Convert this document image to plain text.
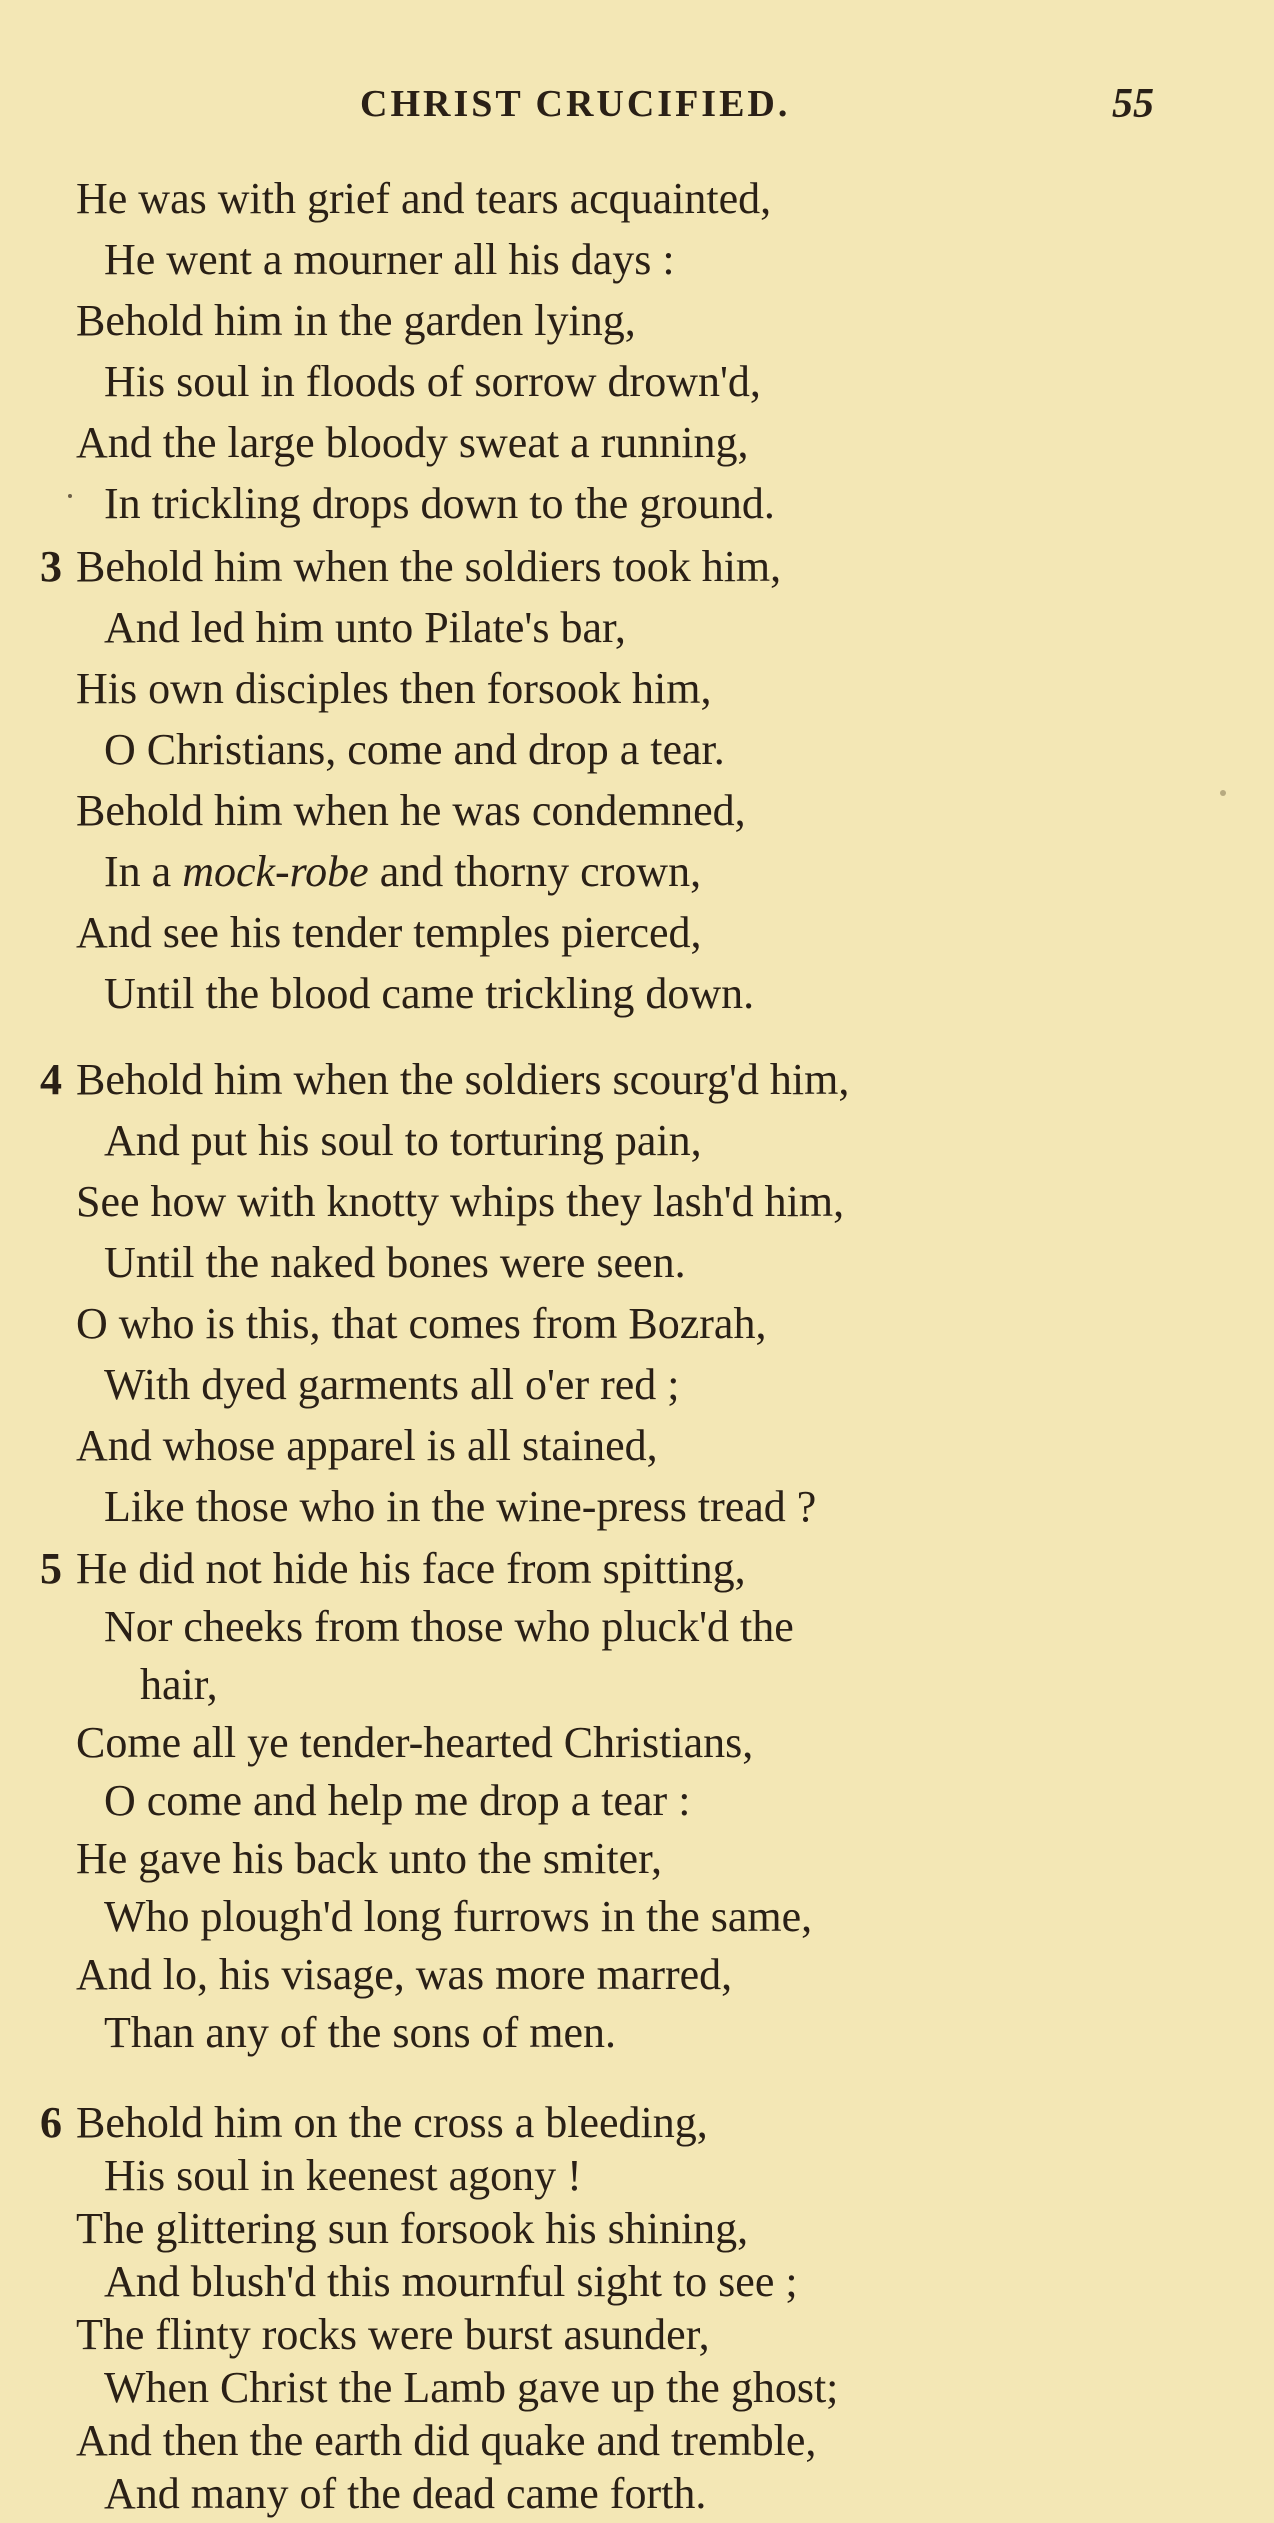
CHRIST CRUCIFIED.	55
He was with grief and tears acquainted,
He went a mourner all his days :
Behold him in the garden lying,
His soul in floods of sorrow drown'd,
And the large bloody sweat a running,
In trickling drops down to the ground.
3 Behold him when the soldiers took him,
And led him unto Pilate's bar,
His own disciples then forsook him,
O Christians, come and drop a tear.
Behold him when he was condemned,
In a mock-robe and thorny crown,
And see his tender temples pierced,
Until the blood came trickling down.
4 Behold him when the soldiers scourg'd him,
And put his soul to torturing pain,
See how with knotty whips they lash'd him,
Until the naked bones were seen.
O who is this, that comes from Bozrah,
With dyed garments all o'er red ;
And whose apparel is all stained,
Like those who in the wine-press tread ?
5 He did not hide his face from spitting,
Nor cheeks from those who pluck'd the
hair,
Come all ye tender-hearted Christians,
O come and help me drop a tear :
He gave his back unto the smiter,
Who plough'd long furrows in the same,
And lo, his visage, was more marred,
Than any of the sons of men.
6 Behold him on the cross a bleeding,
His soul in keenest agony !
The glittering sun forsook his shining,
And blush'd this mournful sight to see ;
The flinty rocks were burst asunder,
When Christ the Lamb gave up the ghost;
And then the earth did quake and tremble,
And many of the dead came forth.
